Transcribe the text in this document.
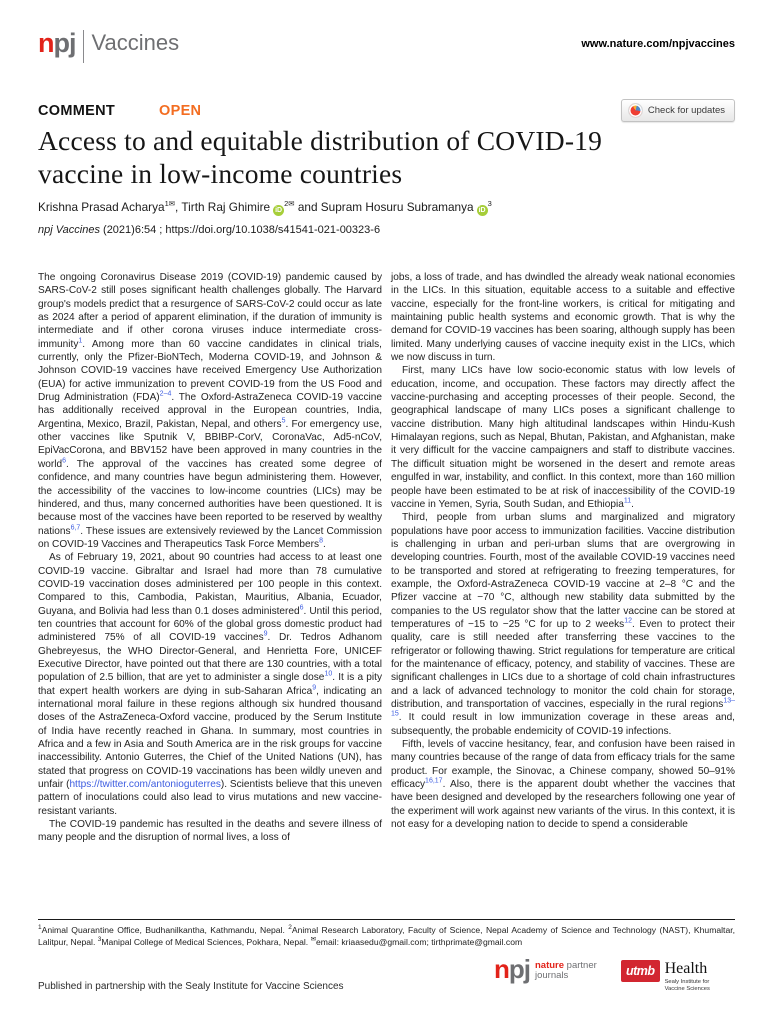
npj Vaccines	www.nature.com/npjvaccines
COMMENT	OPEN	Check for updates
Access to and equitable distribution of COVID-19 vaccine in low-income countries
Krishna Prasad Acharya$^{1✉}$, Tirth Raj Ghimire $iD^{2✉}$ and Supram Hosuru Subramanya $iD^3$
npj Vaccines (2021)6:54 ; https://doi.org/10.1038/s41541-021-00323-6

The ongoing Coronavirus Disease 2019 (COVID-19) pandemic caused by SARS-CoV-2 still poses significant health challenges globally. The Harvard group's models predict that a resurgence of SARS-CoV-2 could occur as late as 2024 after a period of apparent elimination, if the duration of immunity is intermediate and if other corona viruses induce intermediate cross-immunity$^1$. Among more than 60 vaccine candidates in clinical trials, currently, only the Pfizer-BioNTech, Moderna COVID-19, and Johnson & Johnson COVID-19 vaccines have received Emergency Use Authorization (EUA) for active immunization to prevent COVID-19 from the US Food and Drug Administration (FDA)$^{2-4}$. The Oxford-AstraZeneca COVID-19 vaccine has additionally received approval in the European countries, India, Argentina, Mexico, Brazil, Pakistan, Nepal, and others$^5$. For emergency use, other vaccines like Sputnik V, BBIBP-CorV, CoronaVac, Ad5-nCoV, EpiVacCorona, and BBV152 have been approved in many countries in the world$^6$. The approval of the vaccines has created some degree of confidence, and many countries have begun administering them. However, the accessibility of the vaccines to low-income countries (LICs) may be hindered, and thus, many concerned authorities have been questioned. It is because most of the vaccines have been reported to be reserved by wealthy nations$^{6,7}$. These issues are extensively reviewed by the Lancet Commission on COVID-19 Vaccines and Therapeutics Task Force Members$^8$.

As of February 19, 2021, about 90 countries had access to at least one COVID-19 vaccine. Gibraltar and Israel had more than 78 cumulative COVID-19 vaccination doses administered per 100 people in this context. Compared to this, Cambodia, Pakistan, Mauritius, Albania, Ecuador, Guyana, and Bolivia had less than 0.1 doses administered$^6$. Until this period, ten countries that account for 60% of the global gross domestic product had administered 75% of all COVID-19 vaccines$^9$. Dr. Tedros Adhanom Ghebreyesus, the WHO Director-General, and Henrietta Fore, UNICEF Executive Director, have pointed out that there are 130 countries, with a total population of 2.5 billion, that are yet to administer a single dose$^{10}$. It is a pity that expert health workers are dying in sub-Saharan Africa$^9$, indicating an international moral failure in these regions although six hundred thousand doses of the AstraZeneca-Oxford vaccine, produced by the Serum Institute of India have recently reached in Ghana. In summary, most countries in Africa and a few in Asia and South America are in the risk groups for vaccine inaccessibility. Antonio Guterres, the Chief of the United Nations (UN), has stated that progress on COVID-19 vaccinations has been wildly uneven and unfair (https://twitter.com/antonioguterres). Scientists believe that this uneven pattern of inoculations could also lead to virus mutations and new vaccine-resistant variants.

The COVID-19 pandemic has resulted in the deaths and severe illness of many people and the disruption of normal lives, a loss of

jobs, a loss of trade, and has dwindled the already weak national economies in the LICs. In this situation, equitable access to a suitable and effective vaccine, especially for the front-line workers, is critical for mitigating and maintaining public health systems and economic growth. That is why the demand for COVID-19 vaccines has been soaring, although supply has been limited. Many underlying causes of vaccine inequity exist in the LICs, which we now discuss in turn.

First, many LICs have low socio-economic status with low levels of education, income, and occupation. These factors may directly affect the vaccine-purchasing and accepting processes of their people. Second, the geographical landscape of many LICs poses a significant challenge to vaccine distribution. Many high altitudinal landscapes within Hindu-Kush Himalayan regions, such as Nepal, Bhutan, Pakistan, and Afghanistan, make it very difficult for the vaccine campaigners and staff to distribute vaccines. The difficult situation might be worsened in the desert and remote areas engulfed in war, instability, and conflict. In this context, more than 160 million people have been estimated to be at risk of inaccessibility of the COVID-19 vaccine in Yemen, Syria, South Sudan, and Ethiopia$^{11}$.

Third, people from urban slums and marginalized and migratory populations have poor access to immunization facilities. Vaccine distribution is challenging in urban and peri-urban slums that are overgrowing in developing countries. Fourth, most of the available COVID-19 vaccines need to be transported and stored at refrigerating to freezing temperatures, for example, the Oxford-AstraZeneca COVID-19 vaccine at 2–8 °C and the Pfizer vaccine at −70 °C, although new stability data submitted by the companies to the US regulator show that the latter vaccine can be stored at temperatures of −15 to −25 °C for up to 2 weeks$^{12}$. Even to protect their quality, care is still needed after transferring these vaccines to the refrigerator or following thawing. Strict regulations for temperature are critical for the maintenance of efficacy, potency, and stability of vaccines. These are significant challenges in LICs due to a shortage of cold chain infrastructures and a lack of advanced technology to monitor the cold chain for storage, distribution, and transportation of vaccines, especially in the rural regions$^{13-15}$. It could result in low immunization coverage in these areas and, subsequently, the probable endemicity of COVID-19 infections.

Fifth, levels of vaccine hesitancy, fear, and confusion have been raised in many countries because of the range of data from efficacy trials for the same product. For example, the Sinovac, a Chinese company, showed 50–91% efficacy$^{16,17}$. Also, there is the apparent doubt whether the vaccines that have been designed and developed by the researchers following one year of the experiment will work against new variants of the virus. In this context, it is not easy for a developing nation to decide to spend a considerable

$^1$Animal Quarantine Office, Budhanilkantha, Kathmandu, Nepal. $^2$Animal Research Laboratory, Faculty of Science, Nepal Academy of Science and Technology (NAST), Khumaltar, Lalitpur, Nepal. $^3$Manipal College of Medical Sciences, Pokhara, Nepal. ✉email: kriaasedu@gmail.com; tirthprimate@gmail.com
Published in partnership with the Sealy Institute for Vaccine Sciences
npj nature partner
journals	utmb Health
Sealy Institute for
Vaccine Sciences
